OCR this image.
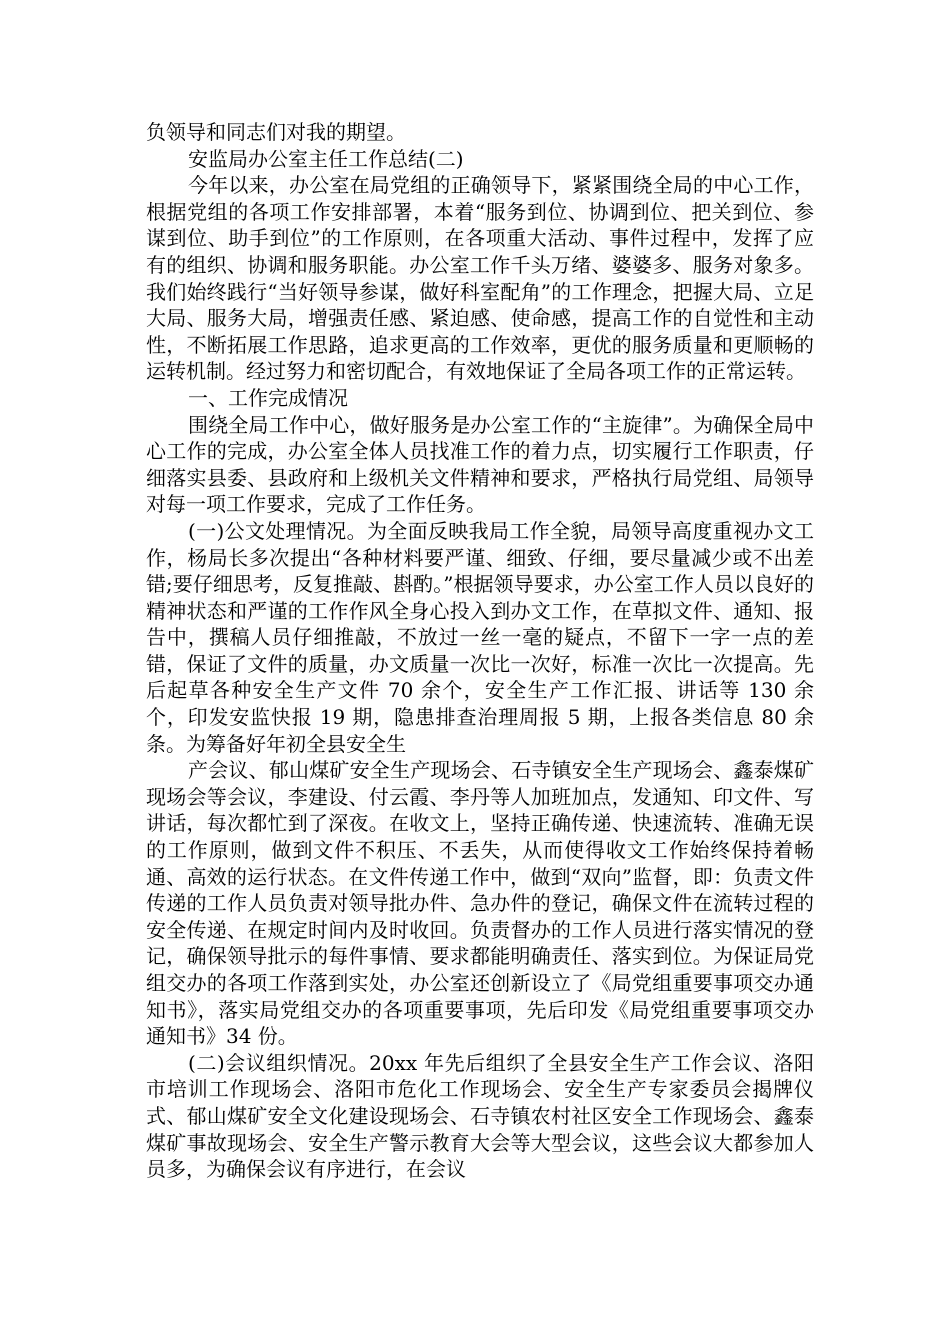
负领导和同志们对我的期望。

安监局办公室主任工作总结(二)

今年以来，办公室在局党组的正确领导下，紧紧围绕全局的中心工作，根据党组的各项工作安排部署，本着“服务到位、协调到位、把关到位、参谋到位、助手到位”的工作原则，在各项重大活动、事件过程中，发挥了应有的组织、协调和服务职能。办公室工作千头万绪、婆婆多、服务对象多。我们始终践行“当好领导参谋，做好科室配角”的工作理念，把握大局、立足大局、服务大局，增强责任感、紧迫感、使命感，提高工作的自觉性和主动性，不断拓展工作思路，追求更高的工作效率，更优的服务质量和更顺畅的运转机制。经过努力和密切配合，有效地保证了全局各项工作的正常运转。

一、工作完成情况

围绕全局工作中心，做好服务是办公室工作的“主旋律”。为确保全局中心工作的完成，办公室全体人员找准工作的着力点，切实履行工作职责，仔细落实县委、县政府和上级机关文件精神和要求，严格执行局党组、局领导对每一项工作要求，完成了工作任务。

(一)公文处理情况。为全面反映我局工作全貌，局领导高度重视办文工作，杨局长多次提出“各种材料要严谨、细致、仔细，要尽量减少或不出差错;要仔细思考，反复推敲、斟酌。”根据领导要求，办公室工作人员以良好的精神状态和严谨的工作作风全身心投入到办文工作，在草拟文件、通知、报告中，撰稿人员仔细推敲，不放过一丝一毫的疑点，不留下一字一点的差错，保证了文件的质量，办文质量一次比一次好，标准一次比一次提高。先后起草各种安全生产文件 70 余个，安全生产工作汇报、讲话等 130 余个，印发安监快报 19 期，隐患排查治理周报 5 期，上报各类信息 80 余条。为筹备好年初全县安全生

产会议、郁山煤矿安全生产现场会、石寺镇安全生产现场会、鑫泰煤矿现场会等会议，李建设、付云霞、李丹等人加班加点，发通知、印文件、写讲话，每次都忙到了深夜。在收文上，坚持正确传递、快速流转、准确无误的工作原则，做到文件不积压、不丢失，从而使得收文工作始终保持着畅通、高效的运行状态。在文件传递工作中，做到“双向”监督，即：负责文件传递的工作人员负责对领导批办件、急办件的登记，确保文件在流转过程的安全传递、在规定时间内及时收回。负责督办的工作人员进行落实情况的登记，确保领导批示的每件事情、要求都能明确责任、落实到位。为保证局党组交办的各项工作落到实处，办公室还创新设立了《局党组重要事项交办通知书》，落实局党组交办的各项重要事项，先后印发《局党组重要事项交办通知书》34 份。

(二)会议组织情况。20xx 年先后组织了全县安全生产工作会议、洛阳市培训工作现场会、洛阳市危化工作现场会、安全生产专家委员会揭牌仪式、郁山煤矿安全文化建设现场会、石寺镇农村社区安全工作现场会、鑫泰煤矿事故现场会、安全生产警示教育大会等大型会议，这些会议大都参加人员多，为确保会议有序进行，在会议
